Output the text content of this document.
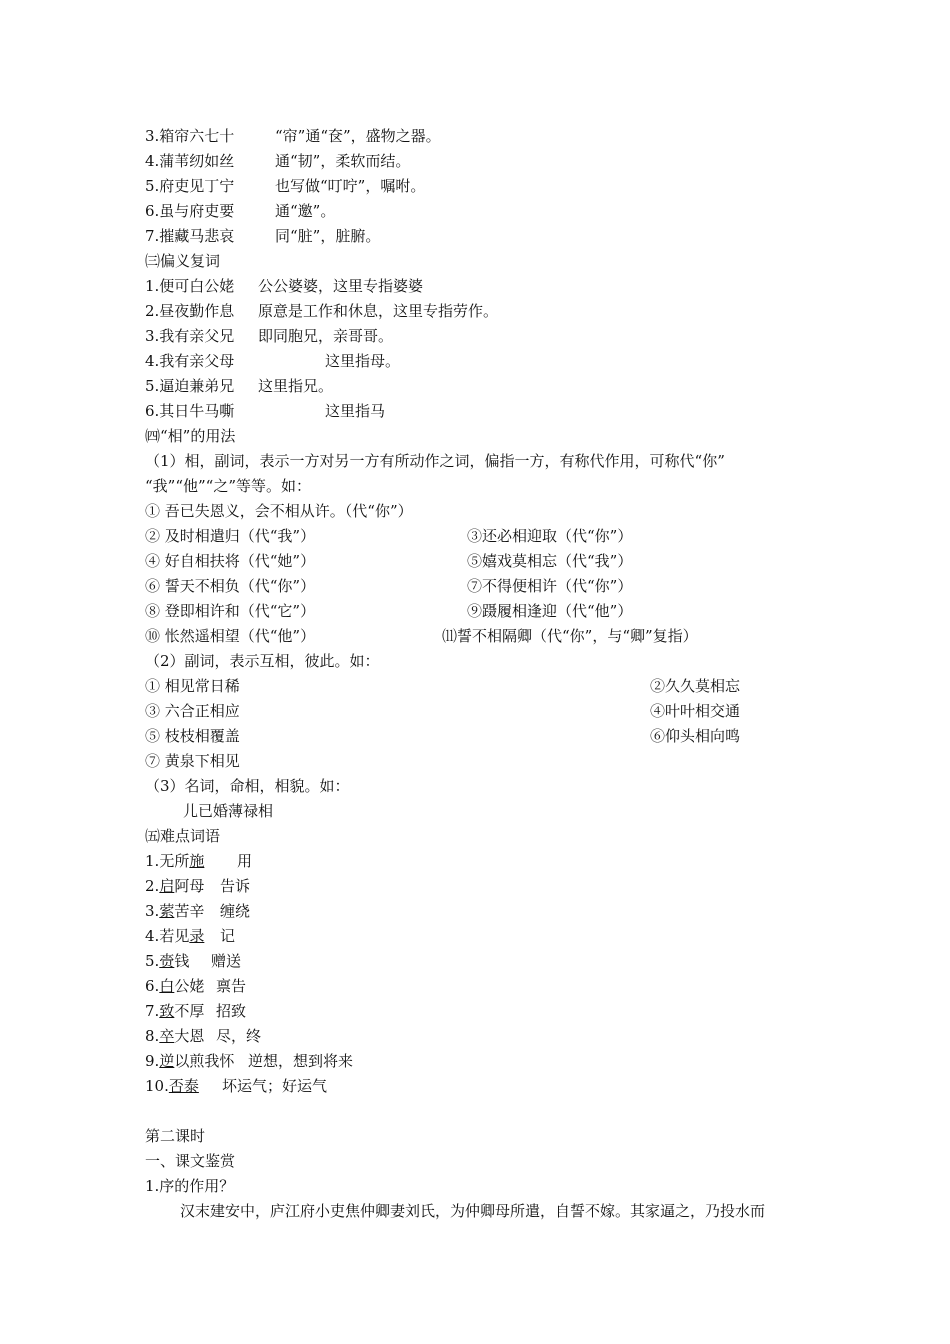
3.箱帘六七十	“帘”通“奁”，盛物之器。
4.蒲苇纫如丝	通“韧”，柔软而结。
5.府吏见丁宁	也写做“叮咛”，嘱咐。
6.虽与府吏要	通“邀”。
7.摧藏马悲哀	同“脏”，脏腑。
㈢偏义复词
1.便可白公姥 公公婆婆，这里专指婆婆
2.昼夜勤作息 原意是工作和休息，这里专指劳作。
3.我有亲父兄 即同胞兄，亲哥哥。
4.我有亲父母	这里指母。
5.逼迫兼弟兄 这里指兄。
6.其日牛马嘶	这里指马
㈣“相”的用法
（1）相，副词，表示一方对另一方有所动作之词，偏指一方，有称代作用，可称代“你”
“我”“他”“之”等等。如：
① 吾已失恩义，会不相从许。（代“你”）
② 及时相遣归（代“我”）	③还必相迎取（代“你”）
④ 好自相扶将（代“她”）	⑤嬉戏莫相忘（代“我”）
⑥ 誓天不相负（代“你”）	⑦不得便相许（代“你”）
⑧ 登即相许和（代“它”）	⑨蹑履相逢迎（代“他”）
⑩ 怅然遥相望（代“他”）	⑾誓不相隔卿（代“你”，与“卿”复指）
（2）副词，表示互相，彼此。如：
① 相见常日稀	②久久莫相忘
③ 六合正相应	④叶叶相交通
⑤ 枝枝相覆盖	⑥仰头相向鸣
⑦ 黄泉下相见
（3）名词，命相，相貌。如：
儿已婚薄禄相
㈤难点词语
1.无所施 用
2.启阿母 告诉
3.萦苦辛 缠绕
4.若见录 记
5.赍钱 赠送
6.白公姥 禀告
7.致不厚 招致
8.卒大恩 尽，终
9.逆以煎我怀 逆想，想到将来
10.否泰 坏运气；好运气
第二课时
一、课文鉴赏
1.序的作用？
汉末建安中，庐江府小吏焦仲卿妻刘氏，为仲卿母所遣，自誓不嫁。其家逼之，乃投水而
